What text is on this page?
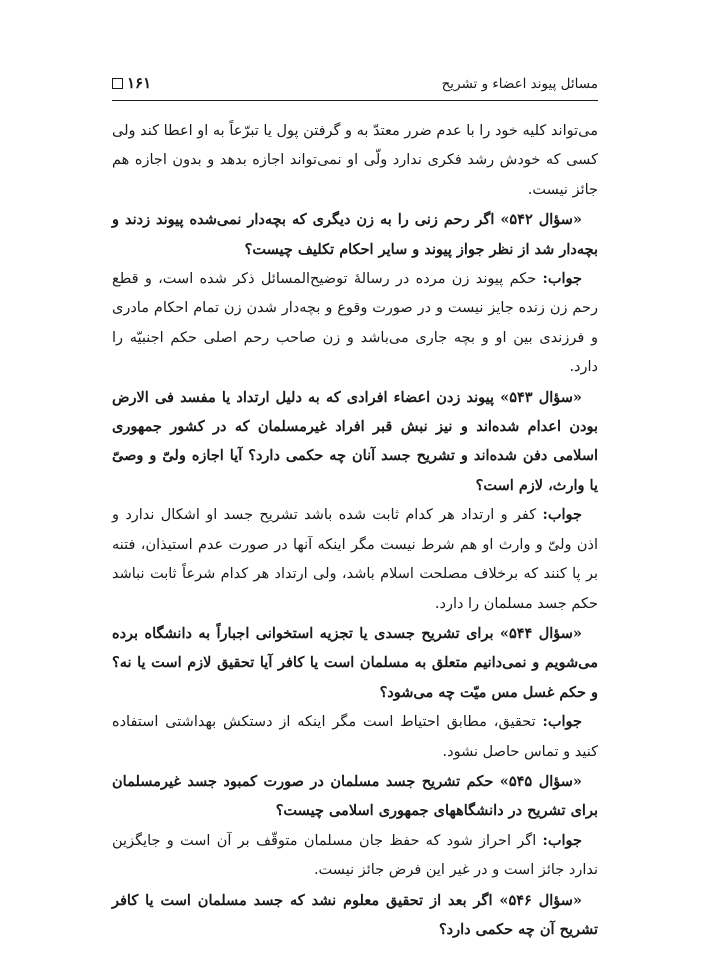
مسائل پیوند اعضاء و تشریح
١۶١

می‌تواند کلیه خود را با عدم ضرر معتدّ به و گرفتن پول یا تبرّعاً به او اعطا کند ولی کسی که خودش رشد فکری ندارد ولّی او نمی‌تواند اجازه بدهد و بدون اجازه هم جائز نیست.

«سؤال ۵۴۲» اگر رحم زنی را به زن دیگری که بچه‌دار نمی‌شده پیوند زدند و بچه‌دار شد از نظر جواز پیوند و سایر احکام تکلیف چیست؟

جواب: حکم پیوند زن مرده در رسالهٔ توضیح‌المسائل ذکر شده است، و قطع رحم زن زنده جایز نیست و در صورت وقوع و بچه‌دار شدن زن تمام احکام مادری و فرزندی بین او و بچه جاری می‌باشد و زن صاحب رحم اصلی حکم اجنبیّه را دارد.

«سؤال ۵۴۳» پیوند زدن اعضاء افرادی که به دلیل ارتداد یا مفسد فی الارض بودن اعدام شده‌اند و نیز نبش قبر افراد غیرمسلمان که در کشور جمهوری اسلامی دفن شده‌اند و تشریح جسد آنان چه حکمی دارد؟ آیا اجازه ولیّ و وصیّ یا وارث، لازم است؟

جواب: کفر و ارتداد هر کدام ثابت شده باشد تشریح جسد او اشکال ندارد و اذن ولیّ و وارث او هم شرط نیست مگر اینکه آنها در صورت عدم استیذان، فتنه بر پا کنند که برخلاف مصلحت اسلام باشد، ولی ارتداد هر کدام شرعاً ثابت نباشد حکم جسد مسلمان را دارد.

«سؤال ۵۴۴» برای تشریح جسدی یا تجزیه استخوانی اجباراً به دانشگاه برده می‌شویم و نمی‌دانیم متعلق به مسلمان است یا کافر آیا تحقیق لازم است یا نه؟ و حکم غسل مس میّت چه می‌شود؟

جواب: تحقیق، مطابق احتیاط است مگر اینکه از دستکش بهداشتی استفاده کنید و تماس حاصل نشود.

«سؤال ۵۴۵» حکم تشریح جسد مسلمان در صورت کمبود جسد غیرمسلمان برای تشریح در دانشگاههای جمهوری اسلامی چیست؟

جواب: اگر احراز شود که حفظ جان مسلمان متوقّف بر آن است و جایگزین ندارد جائز است و در غیر این فرض جائز نیست.

«سؤال ۵۴۶» اگر بعد از تحقیق معلوم نشد که جسد مسلمان است یا کافر تشریح آن چه حکمی دارد؟
